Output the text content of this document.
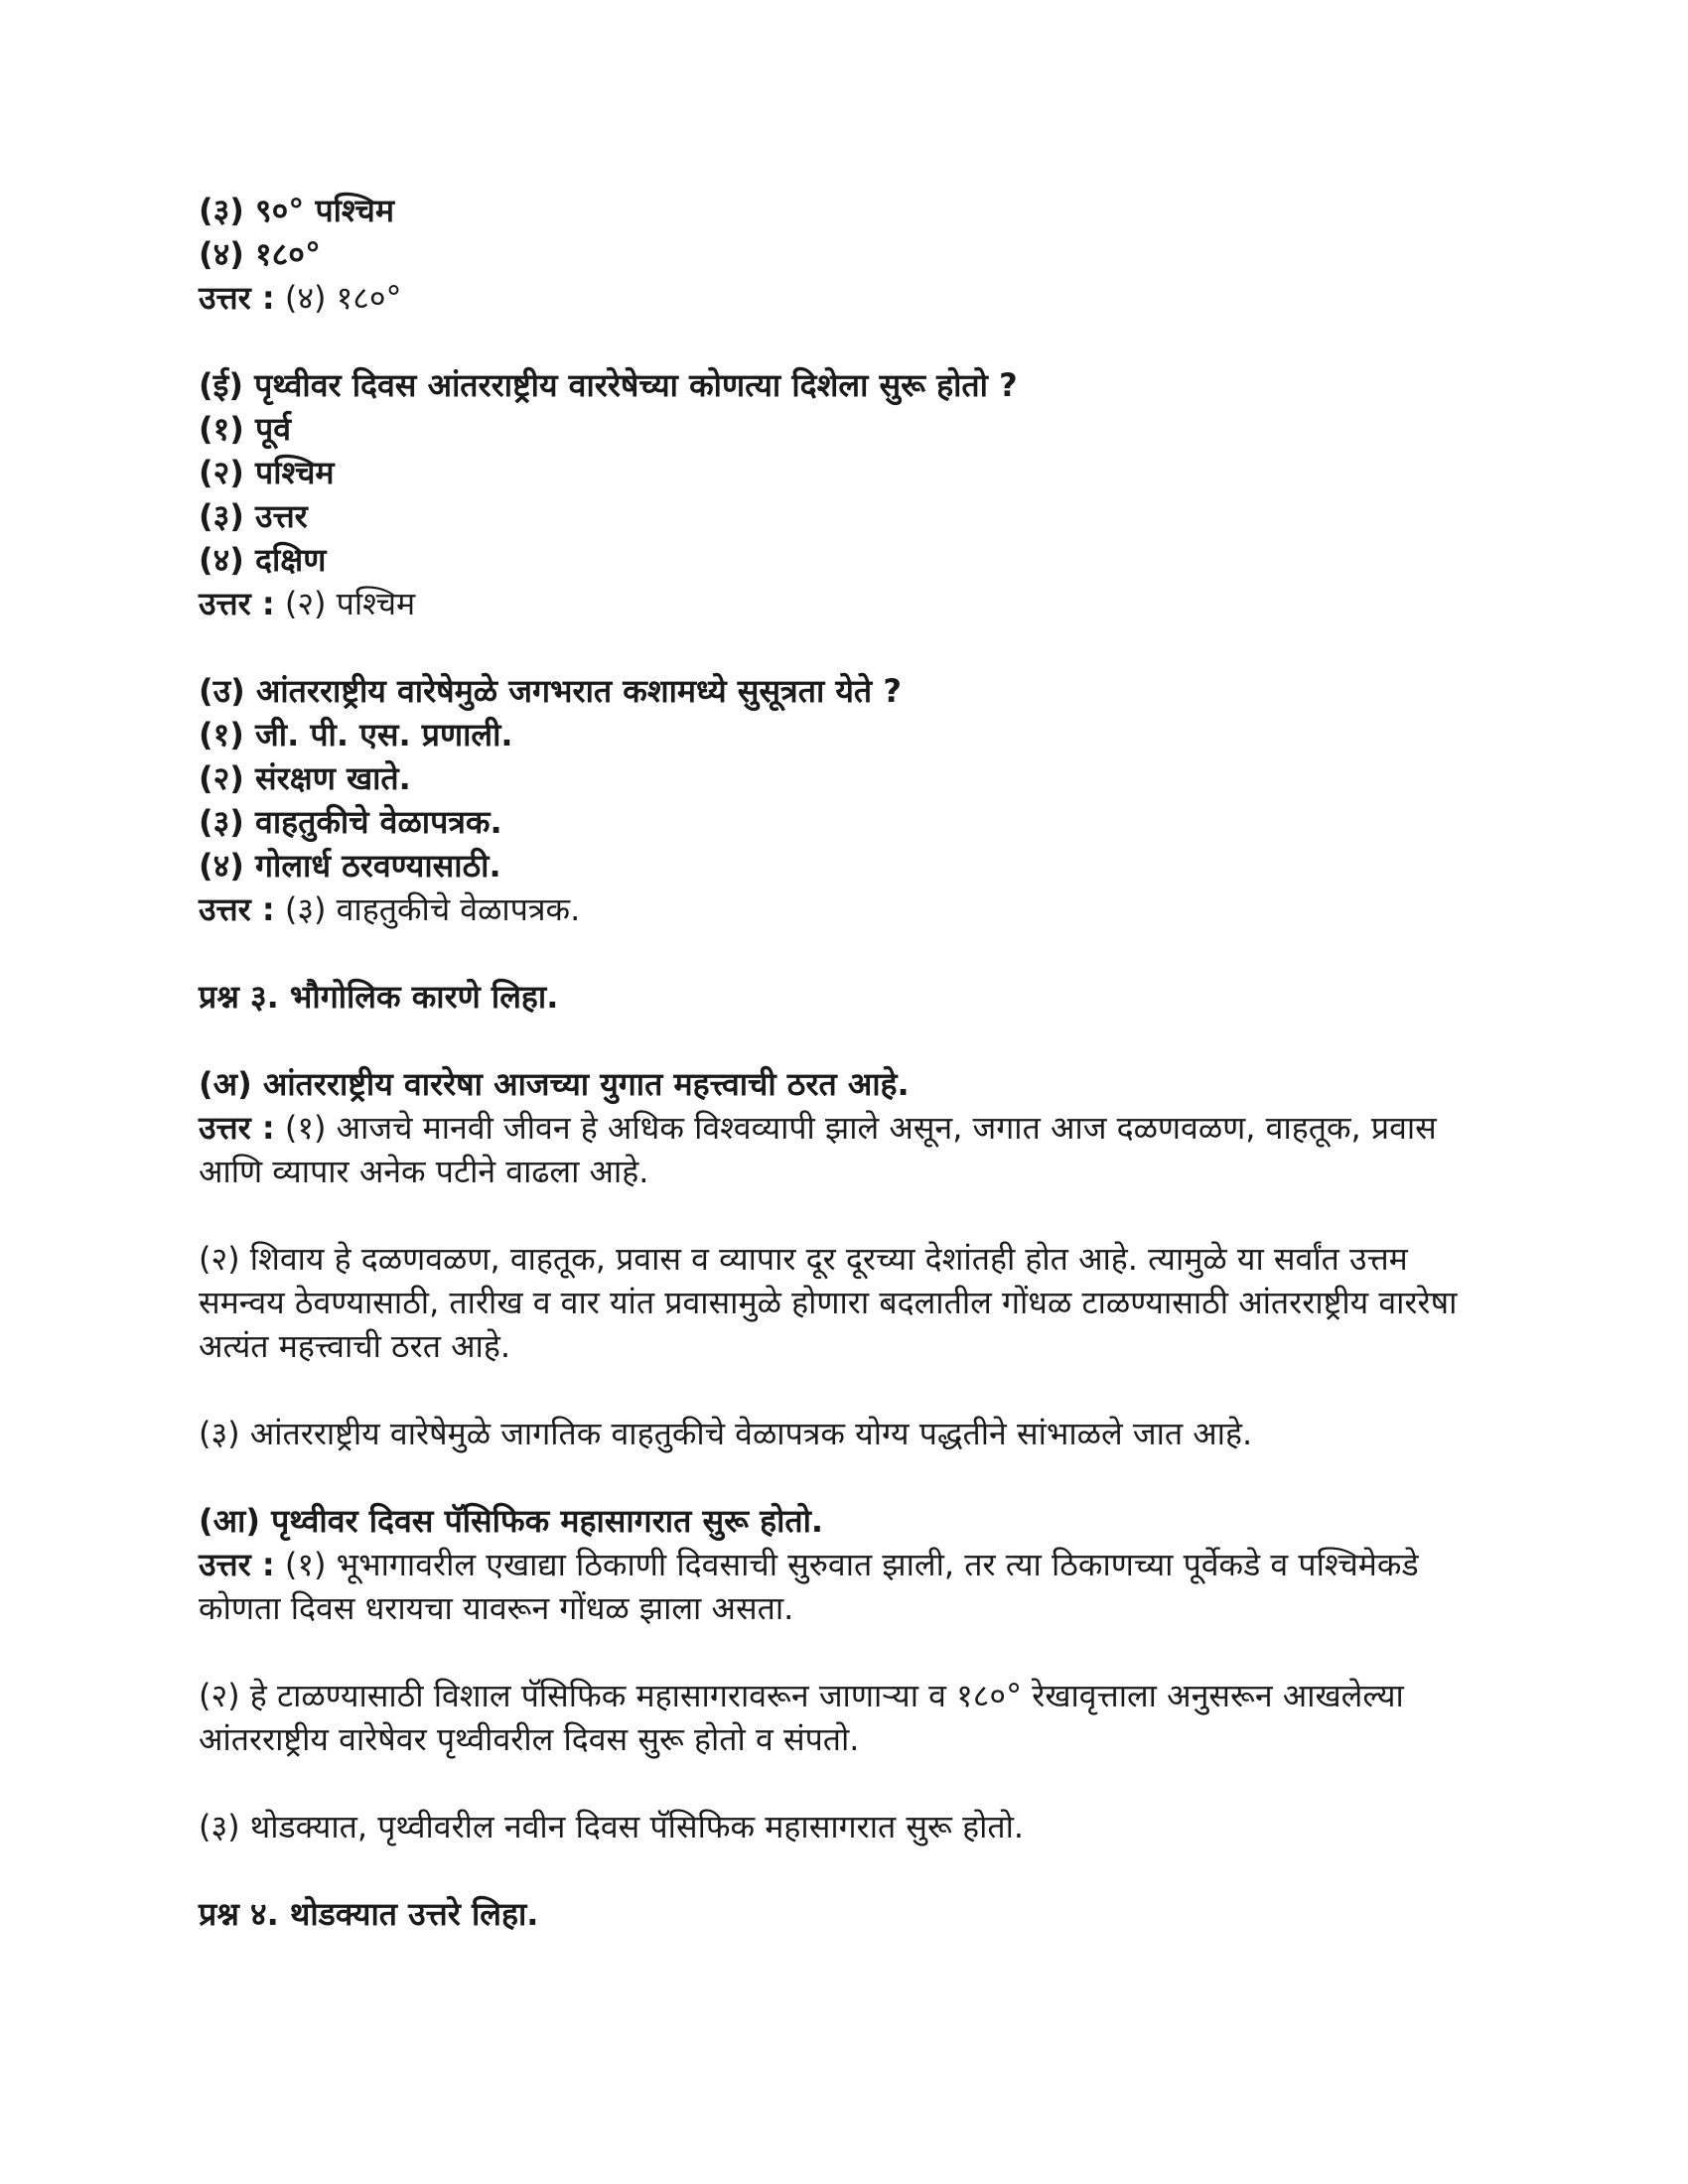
(३) ९०° पश्चिम
(४) १८०°
उत्तर : (४) १८०°
(ई) पृथ्वीवर दिवस आंतरराष्ट्रीय वाररेषेच्या कोणत्या दिशेला सुरू होतो ?
(१) पूर्व
(२) पश्चिम
(३) उत्तर
(४) दक्षिण
उत्तर : (२) पश्चिम
(उ) आंतरराष्ट्रीय वारेषेमुळे जगभरात कशामध्ये सुसूत्रता येते ?
(१) जी. पी. एस. प्रणाली.
(२) संरक्षण खाते.
(३) वाहतुकीचे वेळापत्रक.
(४) गोलार्ध ठरवण्यासाठी.
उत्तर : (३) वाहतुकीचे वेळापत्रक.
प्रश्न ३. भौगोलिक कारणे लिहा.
(अ) आंतरराष्ट्रीय वाररेषा आजच्या युगात महत्त्वाची ठरत आहे.
उत्तर : (१) आजचे मानवी जीवन हे अधिक विश्वव्यापी झाले असून, जगात आज दळणवळण, वाहतूक, प्रवास आणि व्यापार अनेक पटीने वाढला आहे.
(२) शिवाय हे दळणवळण, वाहतूक, प्रवास व व्यापार दूर दूरच्या देशांतही होत आहे. त्यामुळे या सर्वांत उत्तम समन्वय ठेवण्यासाठी, तारीख व वार यांत प्रवासामुळे होणारा बदलातील गोंधळ टाळण्यासाठी आंतरराष्ट्रीय वाररेषा अत्यंत महत्त्वाची ठरत आहे.
(३) आंतरराष्ट्रीय वारेषेमुळे जागतिक वाहतुकीचे वेळापत्रक योग्य पद्धतीने सांभाळले जात आहे.
(आ) पृथ्वीवर दिवस पॅसिफिक महासागरात सुरू होतो.
उत्तर : (१) भूभागावरील एखाद्या ठिकाणी दिवसाची सुरुवात झाली, तर त्या ठिकाणच्या पूर्वेकडे व पश्चिमेकडे कोणता दिवस धरायचा यावरून गोंधळ झाला असता.
(२) हे टाळण्यासाठी विशाल पॅसिफिक महासागरावरून जाणाऱ्या व १८०° रेखावृत्ताला अनुसरून आखलेल्या आंतरराष्ट्रीय वारेषेवर पृथ्वीवरील दिवस सुरू होतो व संपतो.
(३) थोडक्यात, पृथ्वीवरील नवीन दिवस पॅसिफिक महासागरात सुरू होतो.
प्रश्न ४. थोडक्यात उत्तरे लिहा.
